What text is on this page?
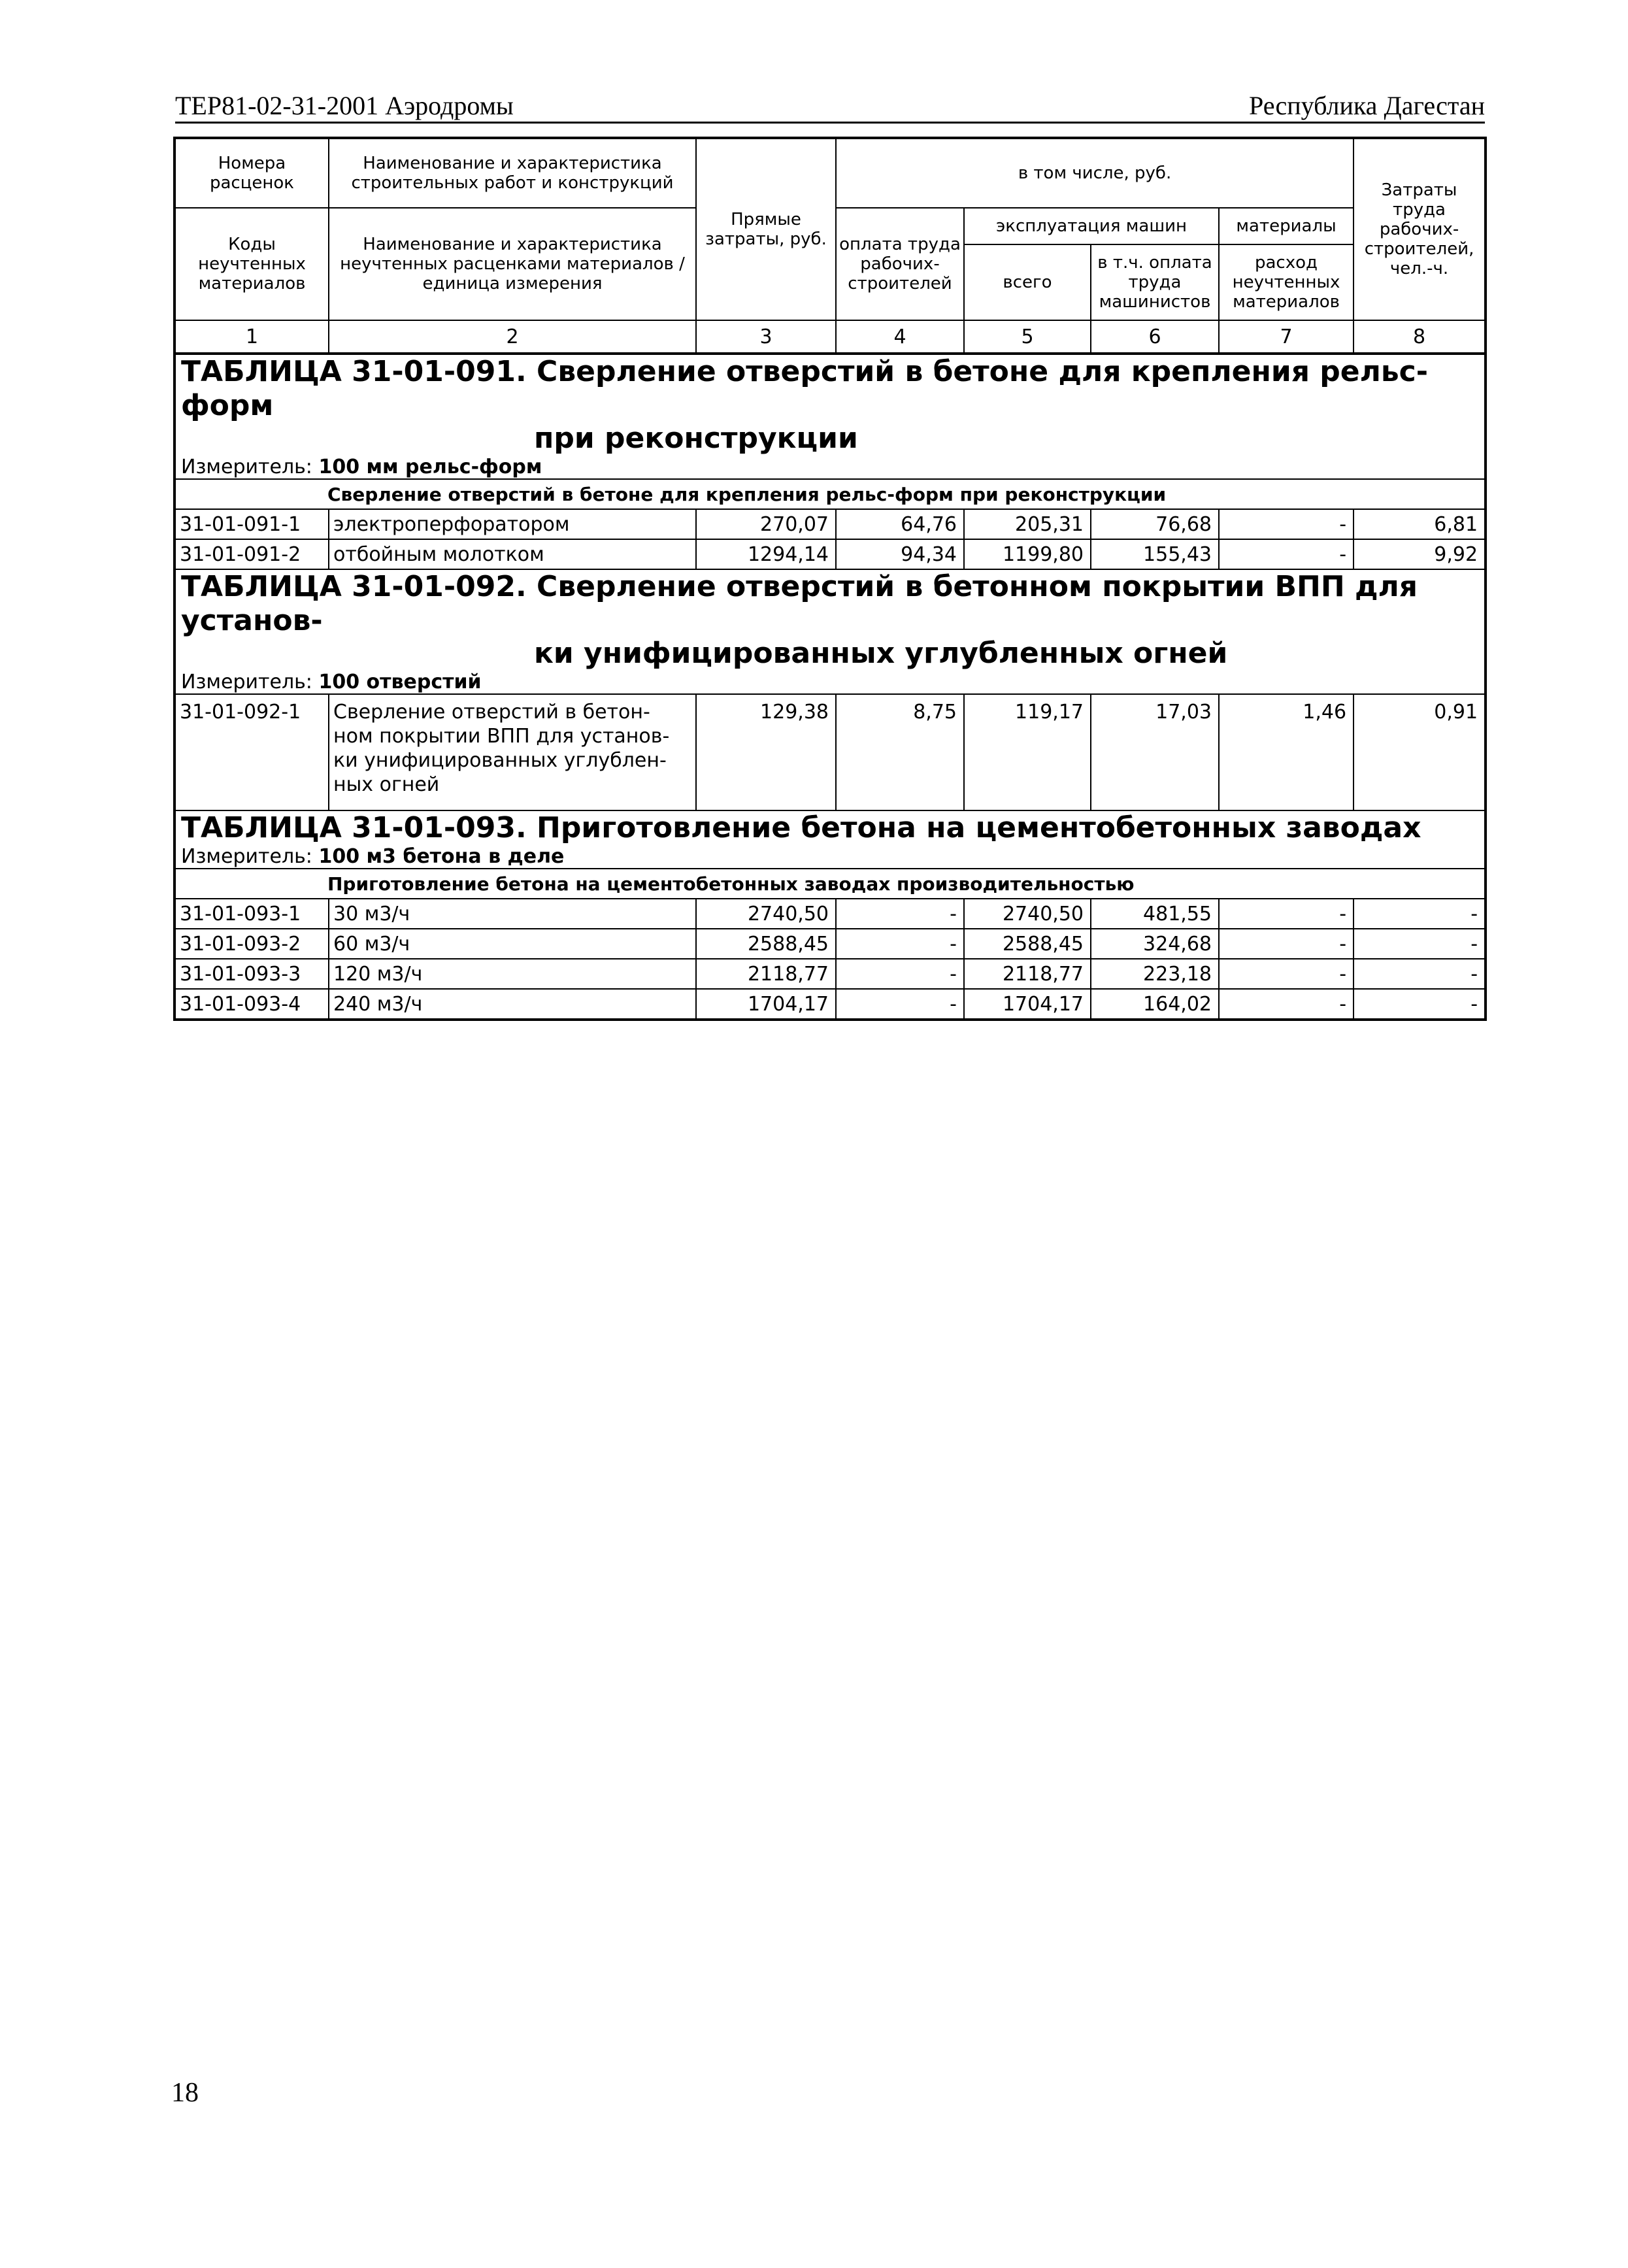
ТЕР81-02-31-2001 Аэродромы	Республика Дагестан
Номера расценок	Наименование и характеристика строительных работ и конструкций	Прямые затраты, руб.	в том числе, руб.				Затраты труда рабочих-строителей, чел.-ч.
Коды неучтенных материалов	Наименование и характеристика неучтенных расценками материалов / единица измерения		оплата труда рабочих-строителей	эксплуатация машин		материалы	
				всего	в т.ч. оплата труда машинистов	расход неучтенных материалов	
1	2	3	4	5	6	7	8
ТАБЛИЦА 31-01-091. Сверление отверстий в бетоне для крепления рельс-форм
при реконструкции							

Измеритель: 100 мм рельс-форм							
Сверление отверстий в бетоне для крепления рельс-форм при реконструкции							
31-01-091-1	электроперфоратором	270,07	64,76	205,31	76,68	-	6,81
31-01-091-2	отбойным молотком	1294,14	94,34	1199,80	155,43	-	9,92
ТАБЛИЦА 31-01-092. Сверление отверстий в бетонном покрытии ВПП для установ-
ки унифицированных углубленных огней							

Измеритель: 100 отверстий							
31-01-092-1	Сверление отверстий в бетон- ном покрытии ВПП для установ- ки унифицированных углублен- ных огней	129,38	8,75	119,17	17,03	1,46	0,91
ТАБЛИЦА 31-01-093. Приготовление бетона на цементобетонных заводах							
Измеритель: 100 м3 бетона в деле							
Приготовление бетона на цементобетонных заводах производительностью							
31-01-093-1	30 м3/ч	2740,50	-	2740,50	481,55	-	-
31-01-093-2	60 м3/ч	2588,45	-	2588,45	324,68	-	-
31-01-093-3	120 м3/ч	2118,77	-	2118,77	223,18	-	-
31-01-093-4	240 м3/ч	1704,17	-	1704,17	164,02	-	-
18
